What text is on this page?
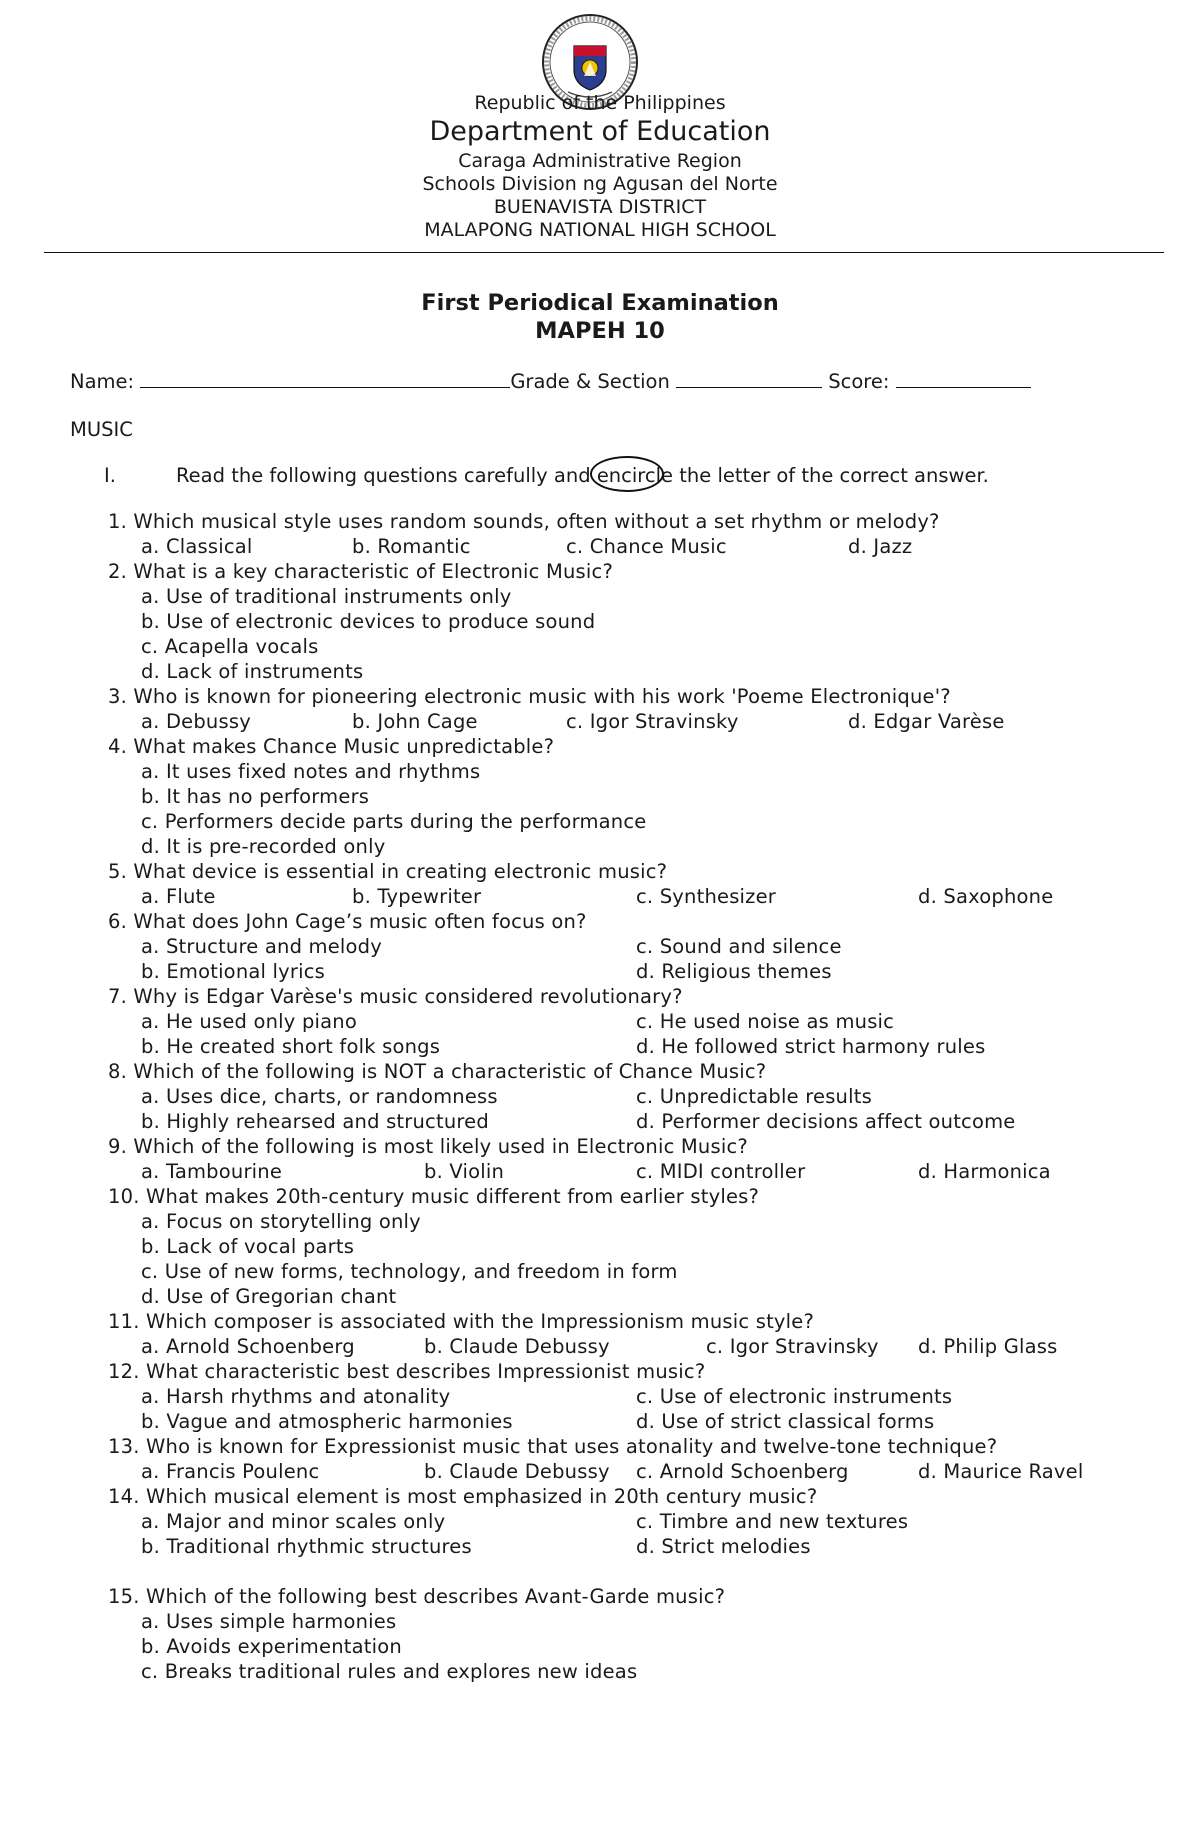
Republic of the Philippines
Department of Education
Caraga Administrative Region
Schools Division ng Agusan del Norte
BUENAVISTA DISTRICT
MALAPONG NATIONAL HIGH SCHOOL
First Periodical Examination
MAPEH 10
Name:	Grade & Section	Score:
MUSIC
I.	Read the following questions carefully and encircle the letter of the correct answer.
1. Which musical style uses random sounds, often without a set rhythm or melody?
a. Classical	b. Romantic	c. Chance Music	d. Jazz
2. What is a key characteristic of Electronic Music?
a. Use of traditional instruments only
b. Use of electronic devices to produce sound
c. Acapella vocals
d. Lack of instruments
3. Who is known for pioneering electronic music with his work 'Poeme Electronique'?
a. Debussy	b. John Cage	c. Igor Stravinsky	d. Edgar Varèse
4. What makes Chance Music unpredictable?
a. It uses fixed notes and rhythms
b. It has no performers
c. Performers decide parts during the performance
d. It is pre-recorded only
5. What device is essential in creating electronic music?
a. Flute	b. Typewriter	c. Synthesizer	d. Saxophone
6. What does John Cage’s music often focus on?
a. Structure and melody	c. Sound and silence
b. Emotional lyrics	d. Religious themes
7. Why is Edgar Varèse's music considered revolutionary?
a. He used only piano	c. He used noise as music
b. He created short folk songs	d. He followed strict harmony rules
8. Which of the following is NOT a characteristic of Chance Music?
a. Uses dice, charts, or randomness	c. Unpredictable results
b. Highly rehearsed and structured	d. Performer decisions affect outcome
9. Which of the following is most likely used in Electronic Music?
a. Tambourine	b. Violin	c. MIDI controller	d. Harmonica
10. What makes 20th-century music different from earlier styles?
a. Focus on storytelling only
b. Lack of vocal parts
c. Use of new forms, technology, and freedom in form
d. Use of Gregorian chant
11. Which composer is associated with the Impressionism music style?
a. Arnold Schoenberg	b. Claude Debussy	c. Igor Stravinsky d. Philip Glass
12. What characteristic best describes Impressionist music?
a. Harsh rhythms and atonality	c. Use of electronic instruments
b. Vague and atmospheric harmonies	d. Use of strict classical forms
13. Who is known for Expressionist music that uses atonality and twelve-tone technique?
a. Francis Poulenc	b. Claude Debussy c. Arnold Schoenberg	d. Maurice Ravel
14. Which musical element is most emphasized in 20th century music?
a. Major and minor scales only	c. Timbre and new textures
b. Traditional rhythmic structures	d. Strict melodies
15. Which of the following best describes Avant-Garde music?
a. Uses simple harmonies
b. Avoids experimentation
c. Breaks traditional rules and explores new ideas
